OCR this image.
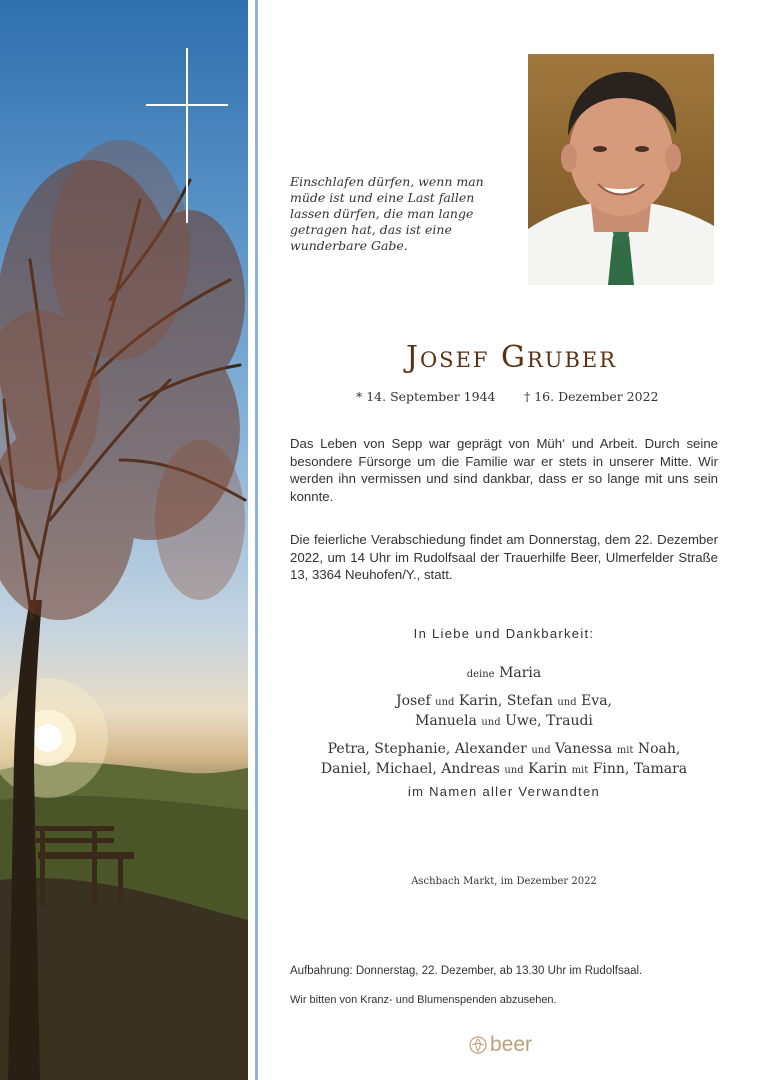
Einschlafen dürfen, wenn man müde ist und eine Last fallen lassen dürfen, die man lange getragen hat, das ist eine wunderbare Gabe.
Josef Gruber
* 14. September 1944 † 16. Dezember 2022
Das Leben von Sepp war geprägt von Müh‘ und Arbeit. Durch seine besondere Fürsorge um die Familie war er stets in unserer Mitte. Wir werden ihn vermissen und sind dankbar, dass er so lange mit uns sein konnte.
Die feierliche Verabschiedung findet am Donnerstag, dem 22. Dezember 2022, um 14 Uhr im Rudolfsaal der Trauerhilfe Beer, Ulmerfelder Straße 13, 3364 Neuhofen/Y., statt.
In Liebe und Dankbarkeit:
deine Maria
Josef und Karin, Stefan und Eva,
Manuela und Uwe, Traudi
Petra, Stephanie, Alexander und Vanessa mit Noah,
Daniel, Michael, Andreas und Karin mit Finn, Tamara
im Namen aller Verwandten
Aschbach Markt, im Dezember 2022
Aufbahrung: Donnerstag, 22. Dezember, ab 13.30 Uhr im Rudolfsaal.
Wir bitten von Kranz- und Blumenspenden abzusehen.
beer
